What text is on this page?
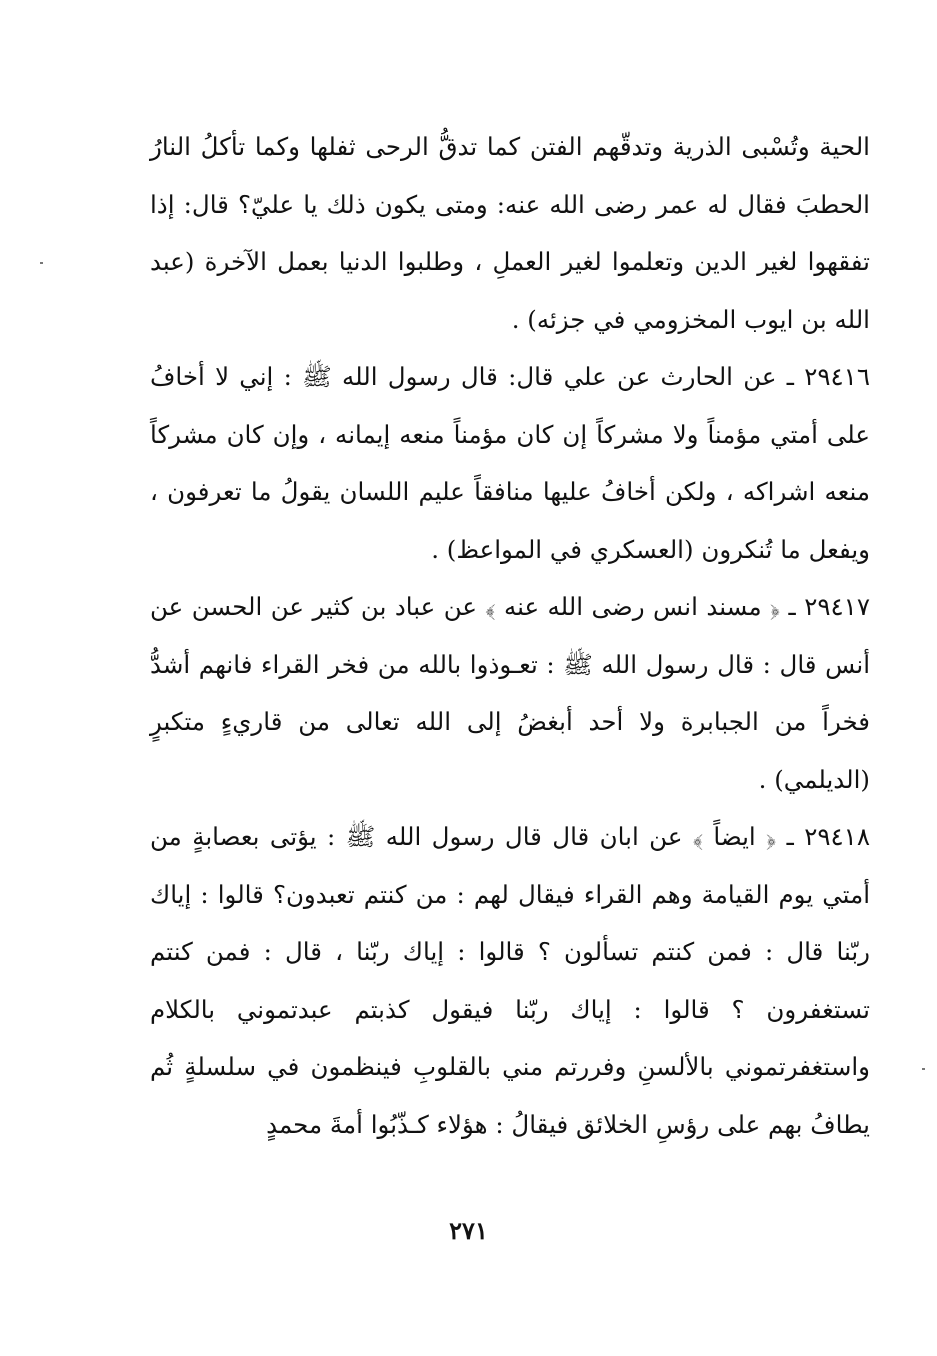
الحية وتُسْبى الذرية وتدقّهم الفتن كما تدقُّ الرحى ثفلها وكما تأكلُ النارُ الحطبَ فقال له عمر رضى الله عنه: ومتى يكون ذلك يا عليّ؟ قال: إذا تفقهوا لغير الدين وتعلموا لغير العملِ ، وطلبوا الدنيا بعمل الآخرة (عبد الله بن ايوب المخزومي في جزئه) .

٢٩٤١٦ ـ عن الحارث عن علي قال: قال رسول الله ﷺ : إني لا أخافُ على أمتي مؤمناً ولا مشركاً إن كان مؤمناً منعه إيمانه ، وإن كان مشركاً منعه اشراكه ، ولكن أخافُ عليها منافقاً عليم اللسان يقولُ ما تعرفون ، ويفعل ما تُنكرون (العسكري في المواعظ) .

٢٩٤١٧ ـ ﴿ مسند انس رضى الله عنه ﴾ عن عباد بن كثير عن الحسن عن أنس قال : قال رسول الله ﷺ : تعـوذوا بالله من فخر القراء فانهم أشدُّ فخراً من الجبابرة ولا أحد أبغضُ إلى الله تعالى من قاريءٍ متكبرٍ (الديلمي) .

٢٩٤١٨ ـ ﴿ ايضاً ﴾ عن ابان قال قال رسول الله ﷺ : يؤتى بعصابةٍ من أمتي يوم القيامة وهم القراء فيقال لهم : من كنتم تعبدون؟ قالوا : إياك ربّنا قال : فمن كنتم تسألون ؟ قالوا : إياك ربّنا ، قال : فمن كنتم تستغفرون ؟ قالوا : إياك ربّنا فيقول كذبتم عبدتموني بالكلام واستغفرتموني بالألسنِ وفررتم مني بالقلوبِ فينظمون في سلسلةٍ ثُم يطافُ بهم على رؤسِ الخلائق فيقالُ : هؤلاء كـذّبُوا أمةَ محمدٍ

٢٧١
